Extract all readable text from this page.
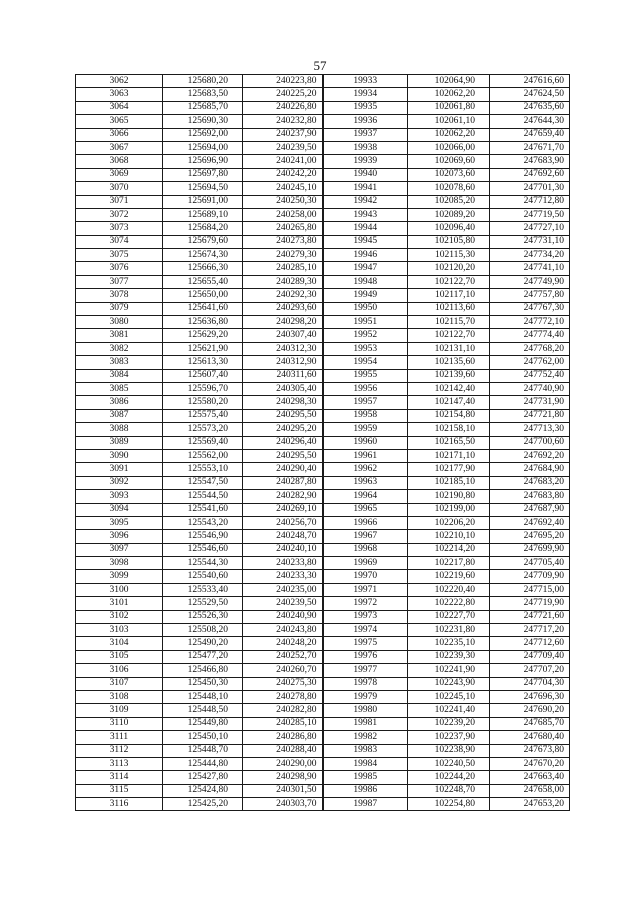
57
3062	125680,20	240223,80	19933	102064,90	247616,60
3063	125683,50	240225,20	19934	102062,20	247624,50
3064	125685,70	240226,80	19935	102061,80	247635,60
3065	125690,30	240232,80	19936	102061,10	247644,30
3066	125692,00	240237,90	19937	102062,20	247659,40
3067	125694,00	240239,50	19938	102066,00	247671,70
3068	125696,90	240241,00	19939	102069,60	247683,90
3069	125697,80	240242,20	19940	102073,60	247692,60
3070	125694,50	240245,10	19941	102078,60	247701,30
3071	125691,00	240250,30	19942	102085,20	247712,80
3072	125689,10	240258,00	19943	102089,20	247719,50
3073	125684,20	240265,80	19944	102096,40	247727,10
3074	125679,60	240273,80	19945	102105,80	247731,10
3075	125674,30	240279,30	19946	102115,30	247734,20
3076	125666,30	240285,10	19947	102120,20	247741,10
3077	125655,40	240289,30	19948	102122,70	247749,90
3078	125650,00	240292,30	19949	102117,10	247757,80
3079	125641,60	240293,60	19950	102113,60	247767,30
3080	125636,80	240298,20	19951	102115,70	247772,10
3081	125629,20	240307,40	19952	102122,70	247774,40
3082	125621,90	240312,30	19953	102131,10	247768,20
3083	125613,30	240312,90	19954	102135,60	247762,00
3084	125607,40	240311,60	19955	102139,60	247752,40
3085	125596,70	240305,40	19956	102142,40	247740,90
3086	125580,20	240298,30	19957	102147,40	247731,90
3087	125575,40	240295,50	19958	102154,80	247721,80
3088	125573,20	240295,20	19959	102158,10	247713,30
3089	125569,40	240296,40	19960	102165,50	247700,60
3090	125562,00	240295,50	19961	102171,10	247692,20
3091	125553,10	240290,40	19962	102177,90	247684,90
3092	125547,50	240287,80	19963	102185,10	247683,20
3093	125544,50	240282,90	19964	102190,80	247683,80
3094	125541,60	240269,10	19965	102199,00	247687,90
3095	125543,20	240256,70	19966	102206,20	247692,40
3096	125546,90	240248,70	19967	102210,10	247695,20
3097	125546,60	240240,10	19968	102214,20	247699,90
3098	125544,30	240233,80	19969	102217,80	247705,40
3099	125540,60	240233,30	19970	102219,60	247709,90
3100	125533,40	240235,00	19971	102220,40	247715,00
3101	125529,50	240239,50	19972	102222,80	247719,90
3102	125526,30	240240,90	19973	102227,70	247721,60
3103	125508,20	240243,80	19974	102231,80	247717,20
3104	125490,20	240248,20	19975	102235,10	247712,60
3105	125477,20	240252,70	19976	102239,30	247709,40
3106	125466,80	240260,70	19977	102241,90	247707,20
3107	125450,30	240275,30	19978	102243,90	247704,30
3108	125448,10	240278,80	19979	102245,10	247696,30
3109	125448,50	240282,80	19980	102241,40	247690,20
3110	125449,80	240285,10	19981	102239,20	247685,70
3111	125450,10	240286,80	19982	102237,90	247680,40
3112	125448,70	240288,40	19983	102238,90	247673,80
3113	125444,80	240290,00	19984	102240,50	247670,20
3114	125427,80	240298,90	19985	102244,20	247663,40
3115	125424,80	240301,50	19986	102248,70	247658,00
3116	125425,20	240303,70	19987	102254,80	247653,20
